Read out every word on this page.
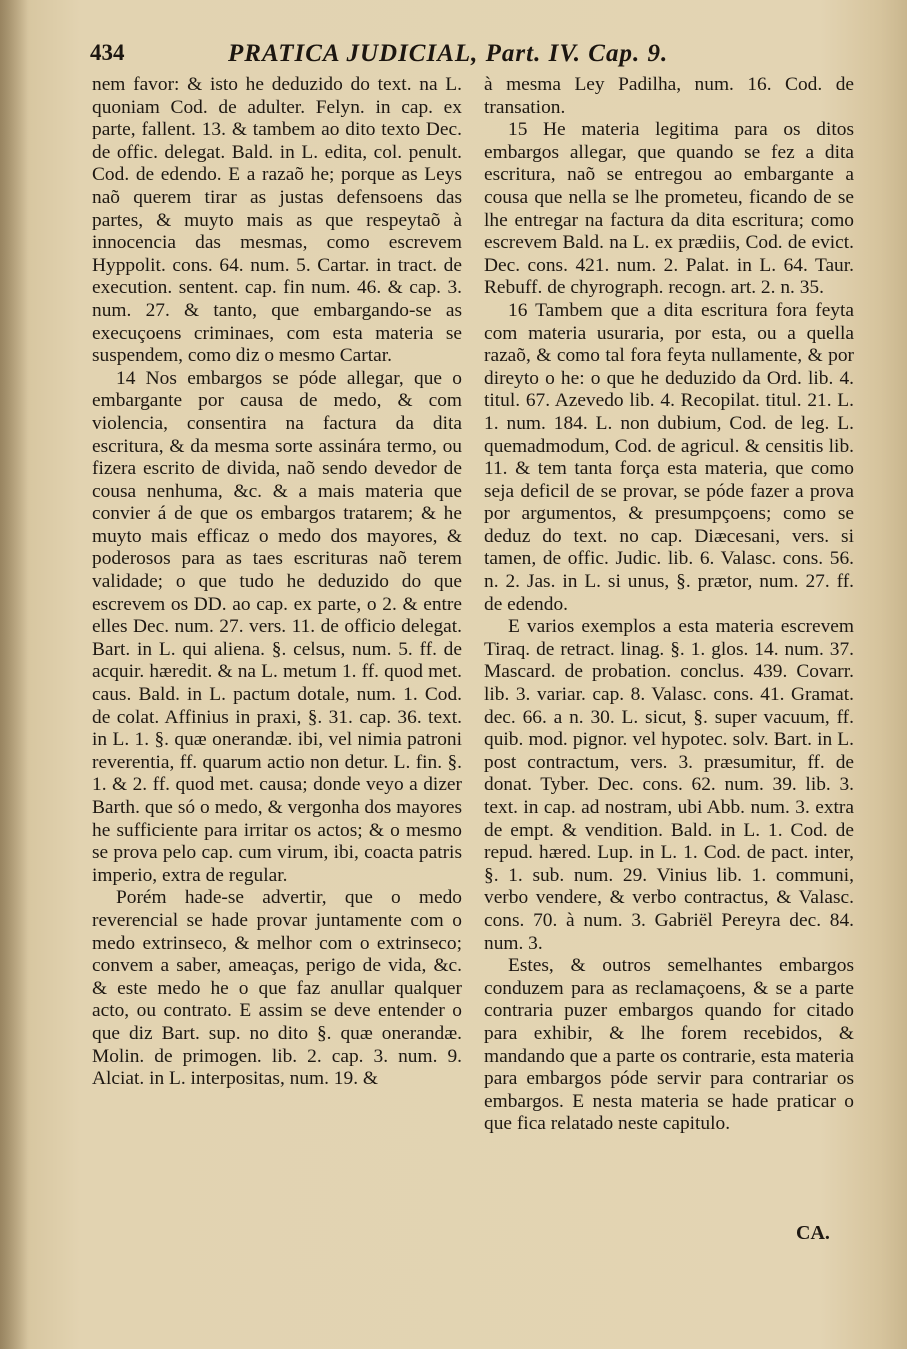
434	PRATICA JUDICIAL, Part. IV. Cap. 9.

nem favor: & isto he deduzido do text. na L. quoniam Cod. de adulter. Felyn. in cap. ex parte, fallent. 13. & tambem ao dito texto Dec. de offic. delegat. Bald. in L. edita, col. penult. Cod. de edendo. E a razaõ he; porque as Leys naõ querem tirar as justas defensoens das partes, & muyto mais as que respeytaõ à innocencia das mesmas, como escrevem Hyppolit. cons. 64. num. 5. Cartar. in tract. de execution. sentent. cap. fin num. 46. & cap. 3. num. 27. & tanto, que embargando-se as execuçoens criminaes, com esta materia se suspendem, como diz o mesmo Cartar.

14 Nos embargos se póde allegar, que o embargante por causa de medo, & com violencia, consentira na factura da dita escritura, & da mesma sorte assinára termo, ou fizera escrito de divida, naõ sendo devedor de cousa nenhuma, &c. & a mais materia que convier á de que os embargos tratarem; & he muyto mais efficaz o medo dos mayores, & poderosos para as taes escrituras naõ terem validade; o que tudo he deduzido do que escrevem os DD. ao cap. ex parte, o 2. & entre elles Dec. num. 27. vers. 11. de officio delegat. Bart. in L. qui aliena. §. celsus, num. 5. ff. de acquir. hæredit. & na L. metum 1. ff. quod met. caus. Bald. in L. pactum dotale, num. 1. Cod. de colat. Affinius in praxi, §. 31. cap. 36. text. in L. 1. §. quæ onerandæ. ibi, vel nimia patroni reverentia, ff. quarum actio non detur. L. fin. §. 1. & 2. ff. quod met. causa; donde veyo a dizer Barth. que só o medo, & vergonha dos mayores he sufficiente para irritar os actos; & o mesmo se prova pelo cap. cum virum, ibi, coacta patris imperio, extra de regular.

Porém hade-se advertir, que o medo reverencial se hade provar juntamente com o medo extrinseco, & melhor com o extrinseco; convem a saber, ameaças, perigo de vida, &c. & este medo he o que faz anullar qualquer acto, ou contrato. E assim se deve entender o que diz Bart. sup. no dito §. quæ onerandæ. Molin. de primogen. lib. 2. cap. 3. num. 9. Alciat. in L. interpositas, num. 19. &

à mesma Ley Padilha, num. 16. Cod. de transation.

15 He materia legitima para os ditos embargos allegar, que quando se fez a dita escritura, naõ se entregou ao embargante a cousa que nella se lhe prometeu, ficando de se lhe entregar na factura da dita escritura; como escrevem Bald. na L. ex prædiis, Cod. de evict. Dec. cons. 421. num. 2. Palat. in L. 64. Taur. Rebuff. de chyrograph. recogn. art. 2. n. 35.

16 Tambem que a dita escritura fora feyta com materia usuraria, por esta, ou a quella razaõ, & como tal fora feyta nullamente, & por direyto o he: o que he deduzido da Ord. lib. 4. titul. 67. Azevedo lib. 4. Recopilat. titul. 21. L. 1. num. 184. L. non dubium, Cod. de leg. L. quemadmodum, Cod. de agricul. & censitis lib. 11. & tem tanta força esta materia, que como seja deficil de se provar, se póde fazer a prova por argumentos, & presumpçoens; como se deduz do text. no cap. Diæcesani, vers. si tamen, de offic. Judic. lib. 6. Valasc. cons. 56. n. 2. Jas. in L. si unus, §. prætor, num. 27. ff. de edendo.

E varios exemplos a esta materia escrevem Tiraq. de retract. linag. §. 1. glos. 14. num. 37. Mascard. de probation. conclus. 439. Covarr. lib. 3. variar. cap. 8. Valasc. cons. 41. Gramat. dec. 66. a n. 30. L. sicut, §. super vacuum, ff. quib. mod. pignor. vel hypotec. solv. Bart. in L. post contractum, vers. 3. præsumitur, ff. de donat. Tyber. Dec. cons. 62. num. 39. lib. 3. text. in cap. ad nostram, ubi Abb. num. 3. extra de empt. & vendition. Bald. in L. 1. Cod. de repud. hæred. Lup. in L. 1. Cod. de pact. inter, §. 1. sub. num. 29. Vinius lib. 1. communi, verbo vendere, & verbo contractus, & Valasc. cons. 70. à num. 3. Gabriël Pereyra dec. 84. num. 3.

Estes, & outros semelhantes embargos conduzem para as reclamaçoens, & se a parte contraria puzer embargos quando for citado para exhibir, & lhe forem recebidos, & mandando que a parte os contrarie, esta materia para embargos póde servir para contrariar os embargos. E nesta materia se hade praticar o que fica relatado neste capitulo.

CA.
